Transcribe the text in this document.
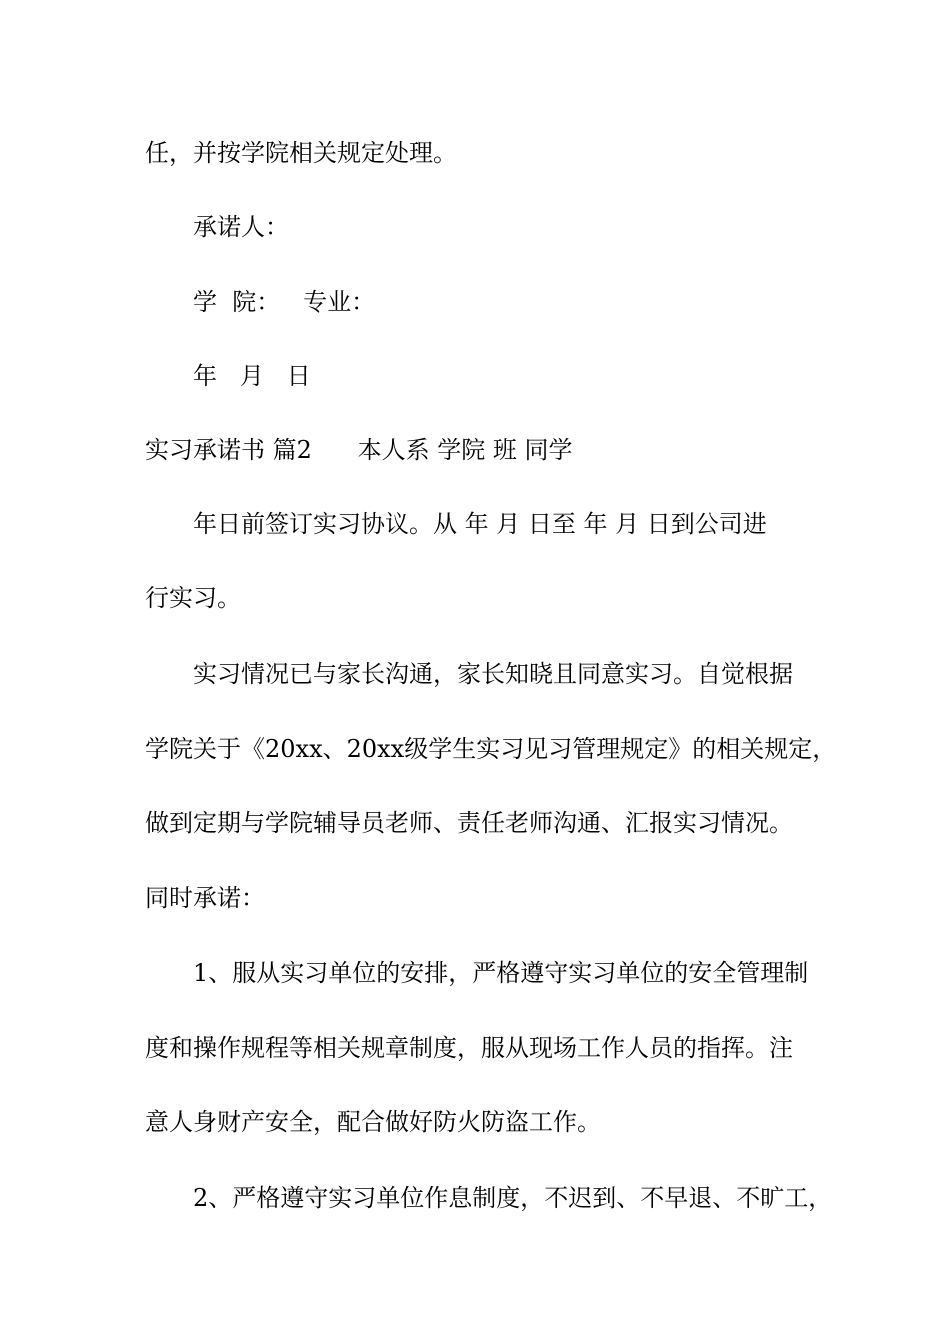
任，并按学院相关规定处理。
承诺人：
学  院：   专业：
年   月   日
实习承诺书 篇2      本人系 学院 班 同学
年日前签订实习协议。从 年 月 日至 年 月 日到公司进
行实习。
实习情况已与家长沟通，家长知晓且同意实习。自觉根据
学院关于《20xx、20xx级学生实习见习管理规定》的相关规定，
做到定期与学院辅导员老师、责任老师沟通、汇报实习情况。
同时承诺：
1、服从实习单位的安排，严格遵守实习单位的安全管理制
度和操作规程等相关规章制度，服从现场工作人员的指挥。注
意人身财产安全，配合做好防火防盗工作。
2、严格遵守实习单位作息制度，不迟到、不早退、不旷工，
